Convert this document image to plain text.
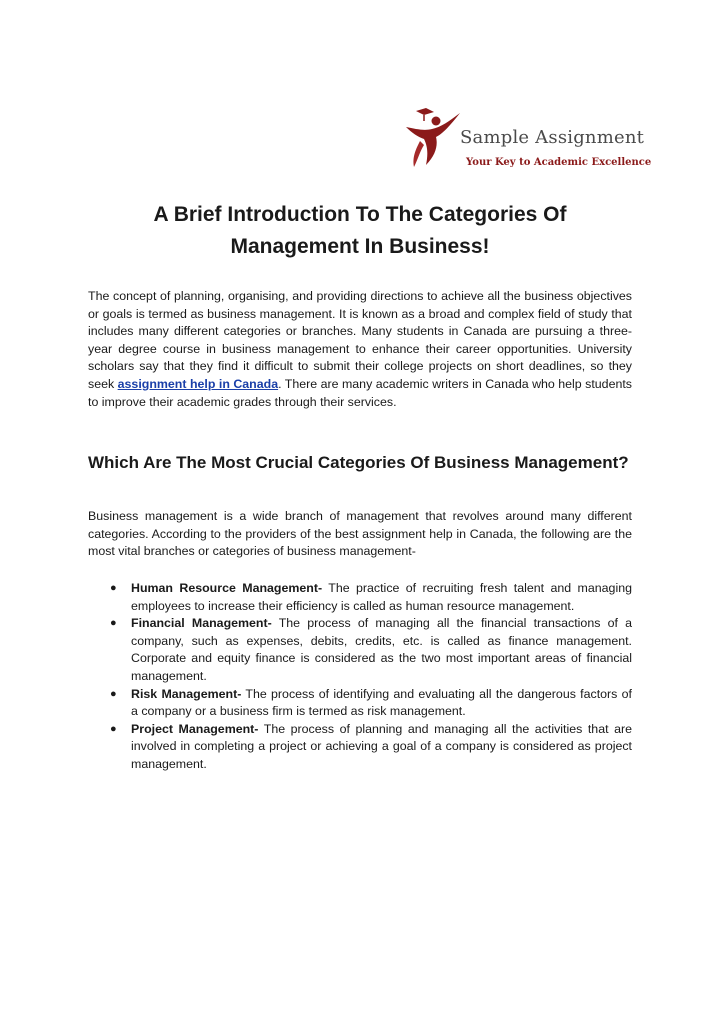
Sample Assignment
Your Key to Academic Excellence
A Brief Introduction To The Categories Of Management In Business!

The concept of planning, organising, and providing directions to achieve all the business objectives or goals is termed as business management. It is known as a broad and complex field of study that includes many different categories or branches. Many students in Canada are pursuing a three-year degree course in business management to enhance their career opportunities. University scholars say that they find it difficult to submit their college projects on short deadlines, so they seek assignment help in Canada. There are many academic writers in Canada who help students to improve their academic grades through their services.

Which Are The Most Crucial Categories Of Business Management?

Business management is a wide branch of management that revolves around many different categories. According to the providers of the best assignment help in Canada, the following are the most vital branches or categories of business management-

● Human Resource Management- The practice of recruiting fresh talent and managing employees to increase their efficiency is called as human resource management.
● Financial Management- The process of managing all the financial transactions of a company, such as expenses, debits, credits, etc. is called as finance management. Corporate and equity finance is considered as the two most important areas of financial management.
● Risk Management- The process of identifying and evaluating all the dangerous factors of a company or a business firm is termed as risk management.
● Project Management- The process of planning and managing all the activities that are involved in completing a project or achieving a goal of a company is considered as project management.
